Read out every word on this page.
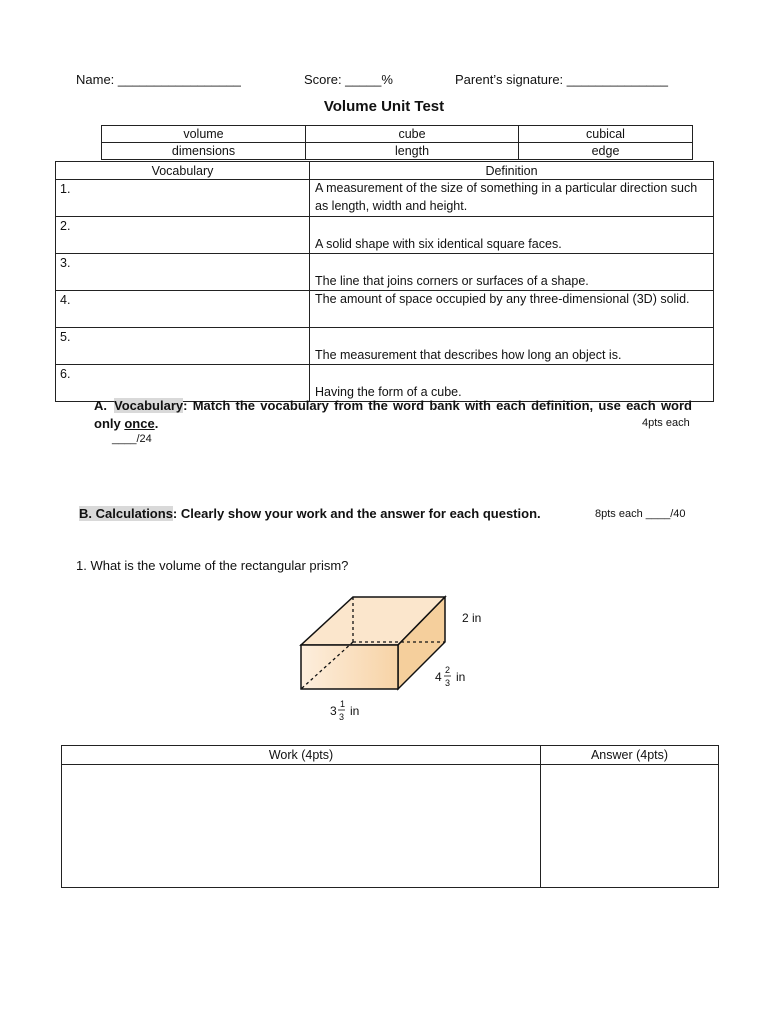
Name: _________________	Score: _____%	Parent’s signature: ______________
Volume Unit Test
volume	cube	cubical
dimensions	length	edge
Vocabulary	Definition
1.	A measurement of the size of something in a particular direction such as length, width and height.
2.	A solid shape with six identical square faces.
3.	The line that joins corners or surfaces of a shape.
4.	The amount of space occupied by any three-dimensional (3D) solid.
5.	The measurement that describes how long an object is.
6.	Having the form of a cube.
A. Vocabulary: Match the vocabulary from the word bank with each definition, use each word only once.	4pts each
____/24
B. Calculations: Clearly show your work and the answer for each question.	8pts each ____/40
1. What is the volume of the rectangular prism?
2 in
4 2
3 in
3 1
3 in
Work (4pts)	Answer (4pts)
